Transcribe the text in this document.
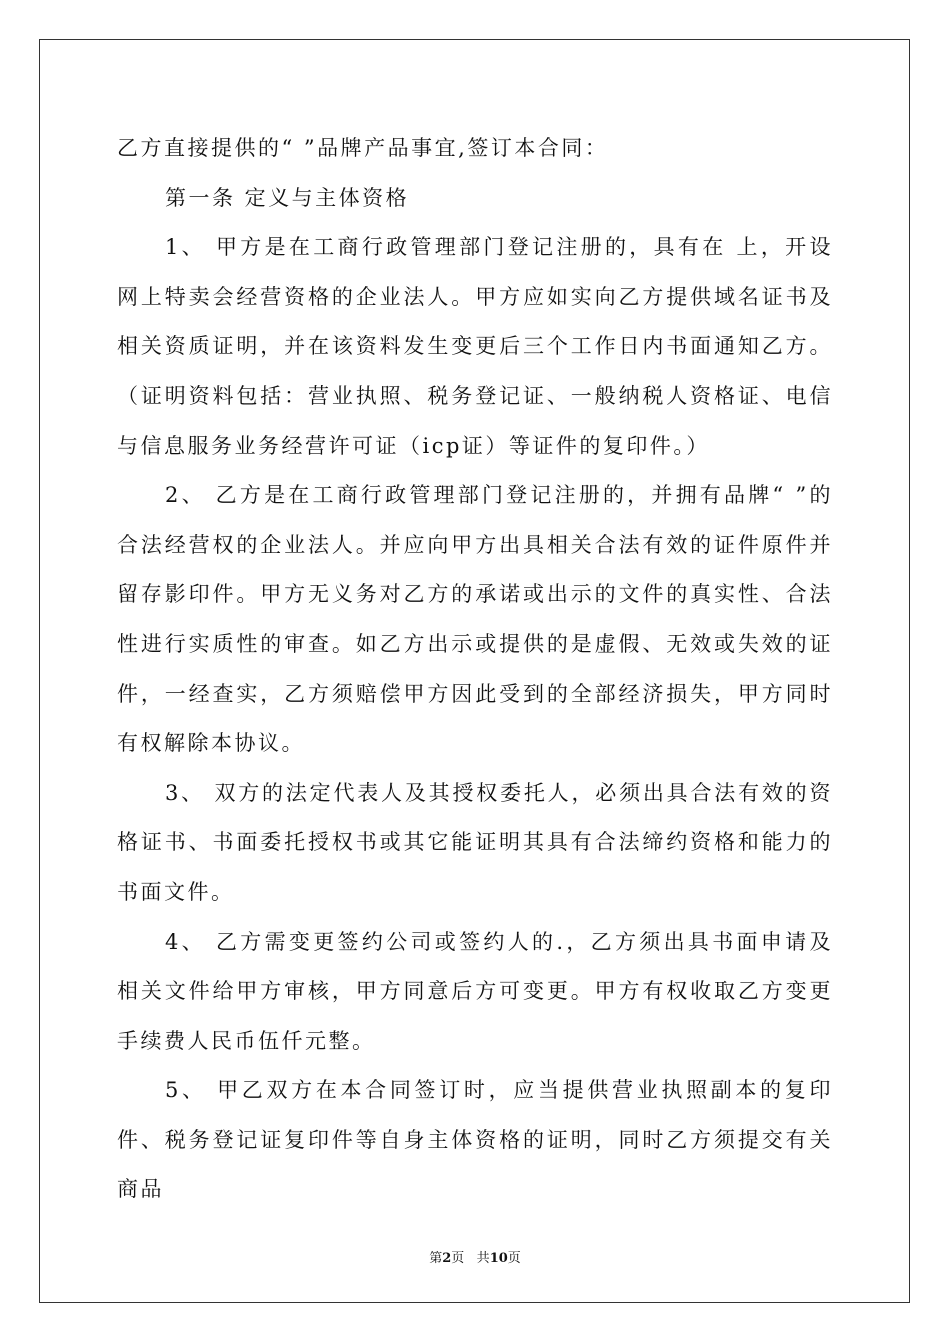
乙方直接提供的“ ”品牌产品事宜,签订本合同：

第一条 定义与主体资格

1、 甲方是在工商行政管理部门登记注册的，具有在 上，开设网上特卖会经营资格的企业法人。甲方应如实向乙方提供域名证书及相关资质证明，并在该资料发生变更后三个工作日内书面通知乙方。（证明资料包括：营业执照、税务登记证、一般纳税人资格证、电信与信息服务业务经营许可证（icp证）等证件的复印件。）

2、 乙方是在工商行政管理部门登记注册的，并拥有品牌“ ”的合法经营权的企业法人。并应向甲方出具相关合法有效的证件原件并留存影印件。甲方无义务对乙方的承诺或出示的文件的真实性、合法性进行实质性的审查。如乙方出示或提供的是虚假、无效或失效的证件，一经查实，乙方须赔偿甲方因此受到的全部经济损失，甲方同时有权解除本协议。

3、 双方的法定代表人及其授权委托人，必须出具合法有效的资格证书、书面委托授权书或其它能证明其具有合法缔约资格和能力的书面文件。

4、 乙方需变更签约公司或签约人的.，乙方须出具书面申请及相关文件给甲方审核，甲方同意后方可变更。甲方有权收取乙方变更手续费人民币伍仟元整。

5、 甲乙双方在本合同签订时，应当提供营业执照副本的复印件、税务登记证复印件等自身主体资格的证明，同时乙方须提交有关商品

第2页 共10页
